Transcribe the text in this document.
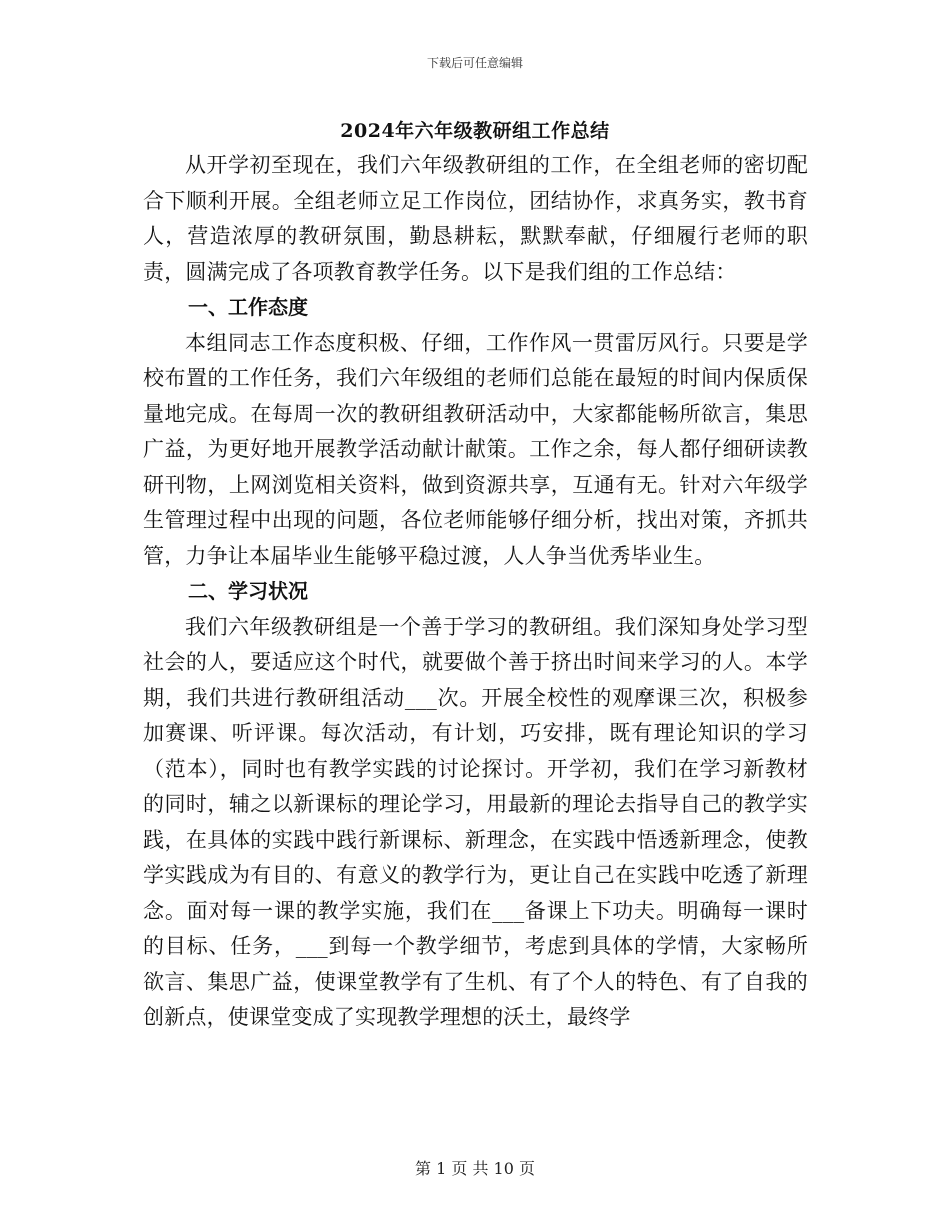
下载后可任意编辑
2024年六年级教研组工作总结

从开学初至现在，我们六年级教研组的工作，在全组老师的密切配合下顺利开展。全组老师立足工作岗位，团结协作，求真务实，教书育人，营造浓厚的教研氛围，勤恳耕耘，默默奉献，仔细履行老师的职责，圆满完成了各项教育教学任务。以下是我们组的工作总结：

一、工作态度

本组同志工作态度积极、仔细，工作作风一贯雷厉风行。只要是学校布置的工作任务，我们六年级组的老师们总能在最短的时间内保质保量地完成。在每周一次的教研组教研活动中，大家都能畅所欲言，集思广益，为更好地开展教学活动献计献策。工作之余，每人都仔细研读教研刊物，上网浏览相关资料，做到资源共享，互通有无。针对六年级学生管理过程中出现的问题，各位老师能够仔细分析，找出对策，齐抓共管，力争让本届毕业生能够平稳过渡，人人争当优秀毕业生。

二、学习状况

我们六年级教研组是一个善于学习的教研组。我们深知身处学习型社会的人，要适应这个时代，就要做个善于挤出时间来学习的人。本学期，我们共进行教研组活动___次。开展全校性的观摩课三次，积极参加赛课、听评课。每次活动，有计划，巧安排，既有理论知识的学习（范本），同时也有教学实践的讨论探讨。开学初，我们在学习新教材的同时，辅之以新课标的理论学习，用最新的理论去指导自己的教学实践，在具体的实践中践行新课标、新理念，在实践中悟透新理念，使教学实践成为有目的、有意义的教学行为，更让自己在实践中吃透了新理念。面对每一课的教学实施，我们在___备课上下功夫。明确每一课时的目标、任务，___到每一个教学细节，考虑到具体的学情，大家畅所欲言、集思广益，使课堂教学有了生机、有了个人的特色、有了自我的创新点，使课堂变成了实现教学理想的沃土，最终学

第 1 页 共 10 页
